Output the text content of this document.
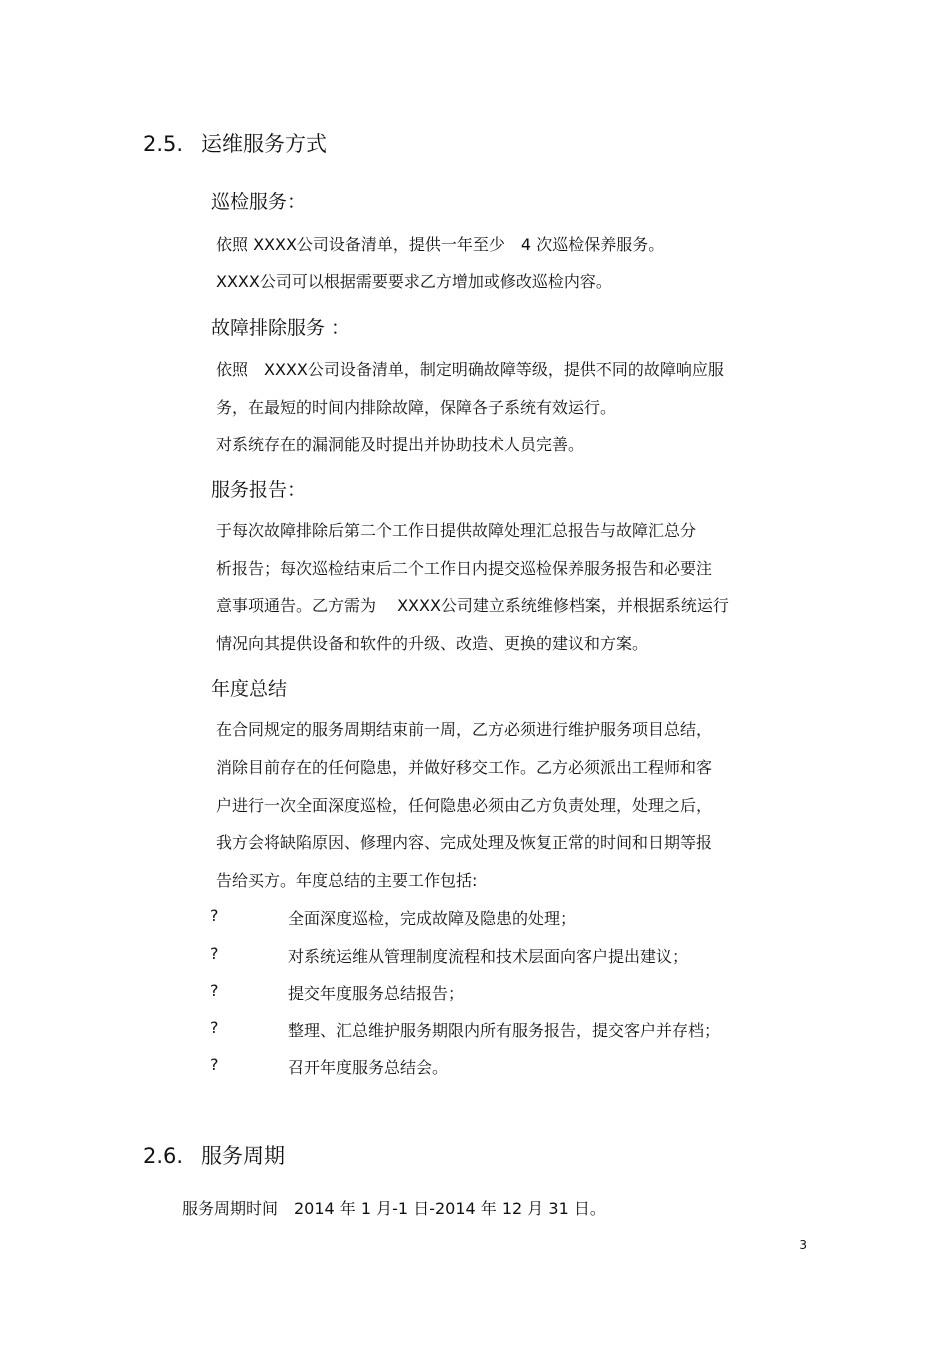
2.5. 运维服务方式
巡检服务：
依照 XXXX公司设备清单，提供一年至少　4 次巡检保养服务。
XXXX公司可以根据需要要求乙方增加或修改巡检内容。
故障排除服务 ：
依照　XXXX公司设备清单，制定明确故障等级，提供不同的故障响应服
务，在最短的时间内排除故障，保障各子系统有效运行。
对系统存在的漏洞能及时提出并协助技术人员完善。
服务报告：
于每次故障排除后第二个工作日提供故障处理汇总报告与故障汇总分
析报告；每次巡检结束后二个工作日内提交巡检保养服务报告和必要注
意事项通告。乙方需为　 XXXX公司建立系统维修档案，并根据系统运行
情况向其提供设备和软件的升级、改造、更换的建议和方案。
年度总结
在合同规定的服务周期结束前一周，乙方必须进行维护服务项目总结，
消除目前存在的任何隐患，并做好移交工作。乙方必须派出工程师和客
户进行一次全面深度巡检，任何隐患必须由乙方负责处理，处理之后，
我方会将缺陷原因、修理内容、完成处理及恢复正常的时间和日期等报
告给买方。年度总结的主要工作包括:
?	全面深度巡检，完成故障及隐患的处理；
?	对系统运维从管理制度流程和技术层面向客户提出建议；
?	提交年度服务总结报告；
?	整理、汇总维护服务期限内所有服务报告，提交客户并存档；
?	召开年度服务总结会。
2.6. 服务周期
服务周期时间　2014 年 1 月-1 日-2014 年 12 月 31 日。
3
